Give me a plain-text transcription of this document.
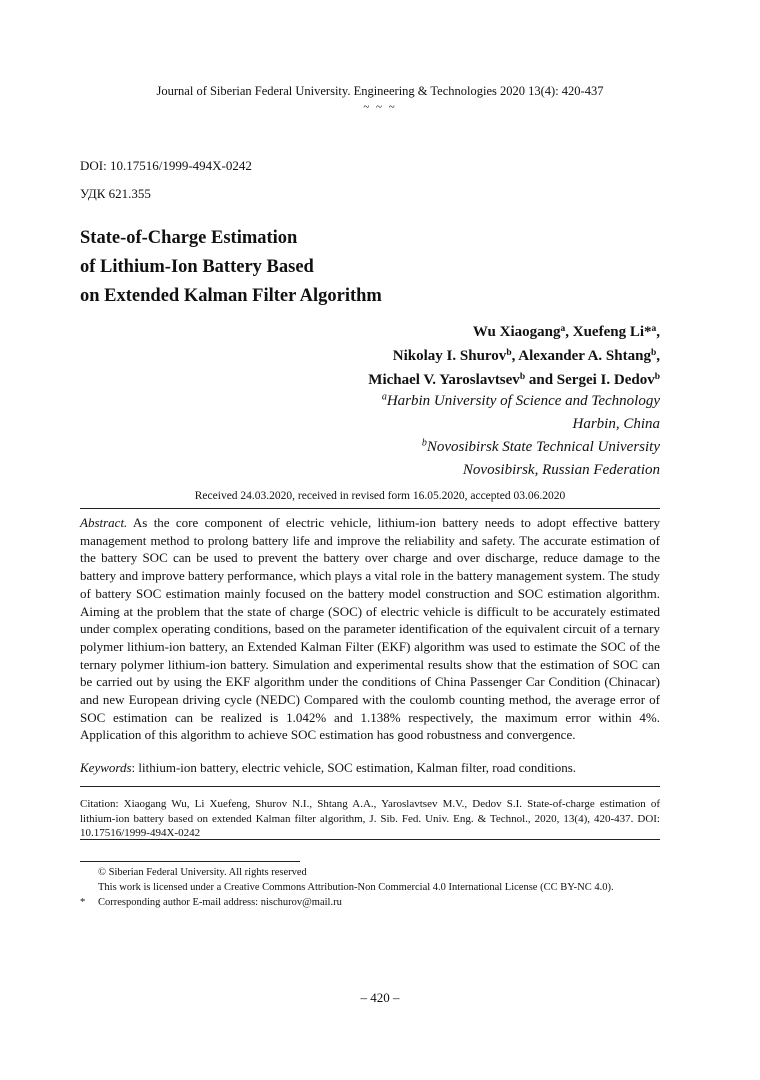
Journal of Siberian Federal University. Engineering & Technologies 2020 13(4): 420-437
~ ~ ~
DOI: 10.17516/1999-494X-0242
УДК 621.355
State-of-Charge Estimation
of Lithium-Ion Battery Based
on Extended Kalman Filter Algorithm
Wu Xiaogang$^a$, Xuefeng Li*$^a$,
Nikolay I. Shurov$^b$, Alexander A. Shtang$^b$,
Michael V. Yaroslavtsev$^b$ and Sergei I. Dedov$^b$
$^a$Harbin University of Science and Technology
Harbin, China
$^b$Novosibirsk State Technical University
Novosibirsk, Russian Federation
Received 24.03.2020, received in revised form 16.05.2020, accepted 03.06.2020
Abstract. As the core component of electric vehicle, lithium-ion battery needs to adopt effective battery management method to prolong battery life and improve the reliability and safety. The accurate estimation of the battery SOC can be used to prevent the battery over charge and over discharge, reduce damage to the battery and improve battery performance, which plays a vital role in the battery management system. The study of battery SOC estimation mainly focused on the battery model construction and SOC estimation algorithm. Aiming at the problem that the state of charge (SOC) of electric vehicle is difficult to be accurately estimated under complex operating conditions, based on the parameter identification of the equivalent circuit of a ternary polymer lithium-ion battery, an Extended Kalman Filter (EKF) algorithm was used to estimate the SOC of the ternary polymer lithium-ion battery. Simulation and experimental results show that the estimation of SOC can be carried out by using the EKF algorithm under the conditions of China Passenger Car Condition (Chinacar) and new European driving cycle (NEDC) Compared with the coulomb counting method, the average error of SOC estimation can be realized is 1.042% and 1.138% respectively, the maximum error within 4%. Application of this algorithm to achieve SOC estimation has good robustness and convergence.
Keywords: lithium-ion battery, electric vehicle, SOC estimation, Kalman filter, road conditions.
Citation: Xiaogang Wu, Li Xuefeng, Shurov N.I., Shtang A.A., Yaroslavtsev M.V., Dedov S.I. State-of-charge estimation of lithium-ion battery based on extended Kalman filter algorithm, J. Sib. Fed. Univ. Eng. & Technol., 2020, 13(4), 420-437. DOI: 10.17516/1999-494X-0242
© Siberian Federal University. All rights reserved
This work is licensed under a Creative Commons Attribution-Non Commercial 4.0 International License (CC BY-NC 4.0).
* Corresponding author E-mail address: nischurov@mail.ru
– 420 –
